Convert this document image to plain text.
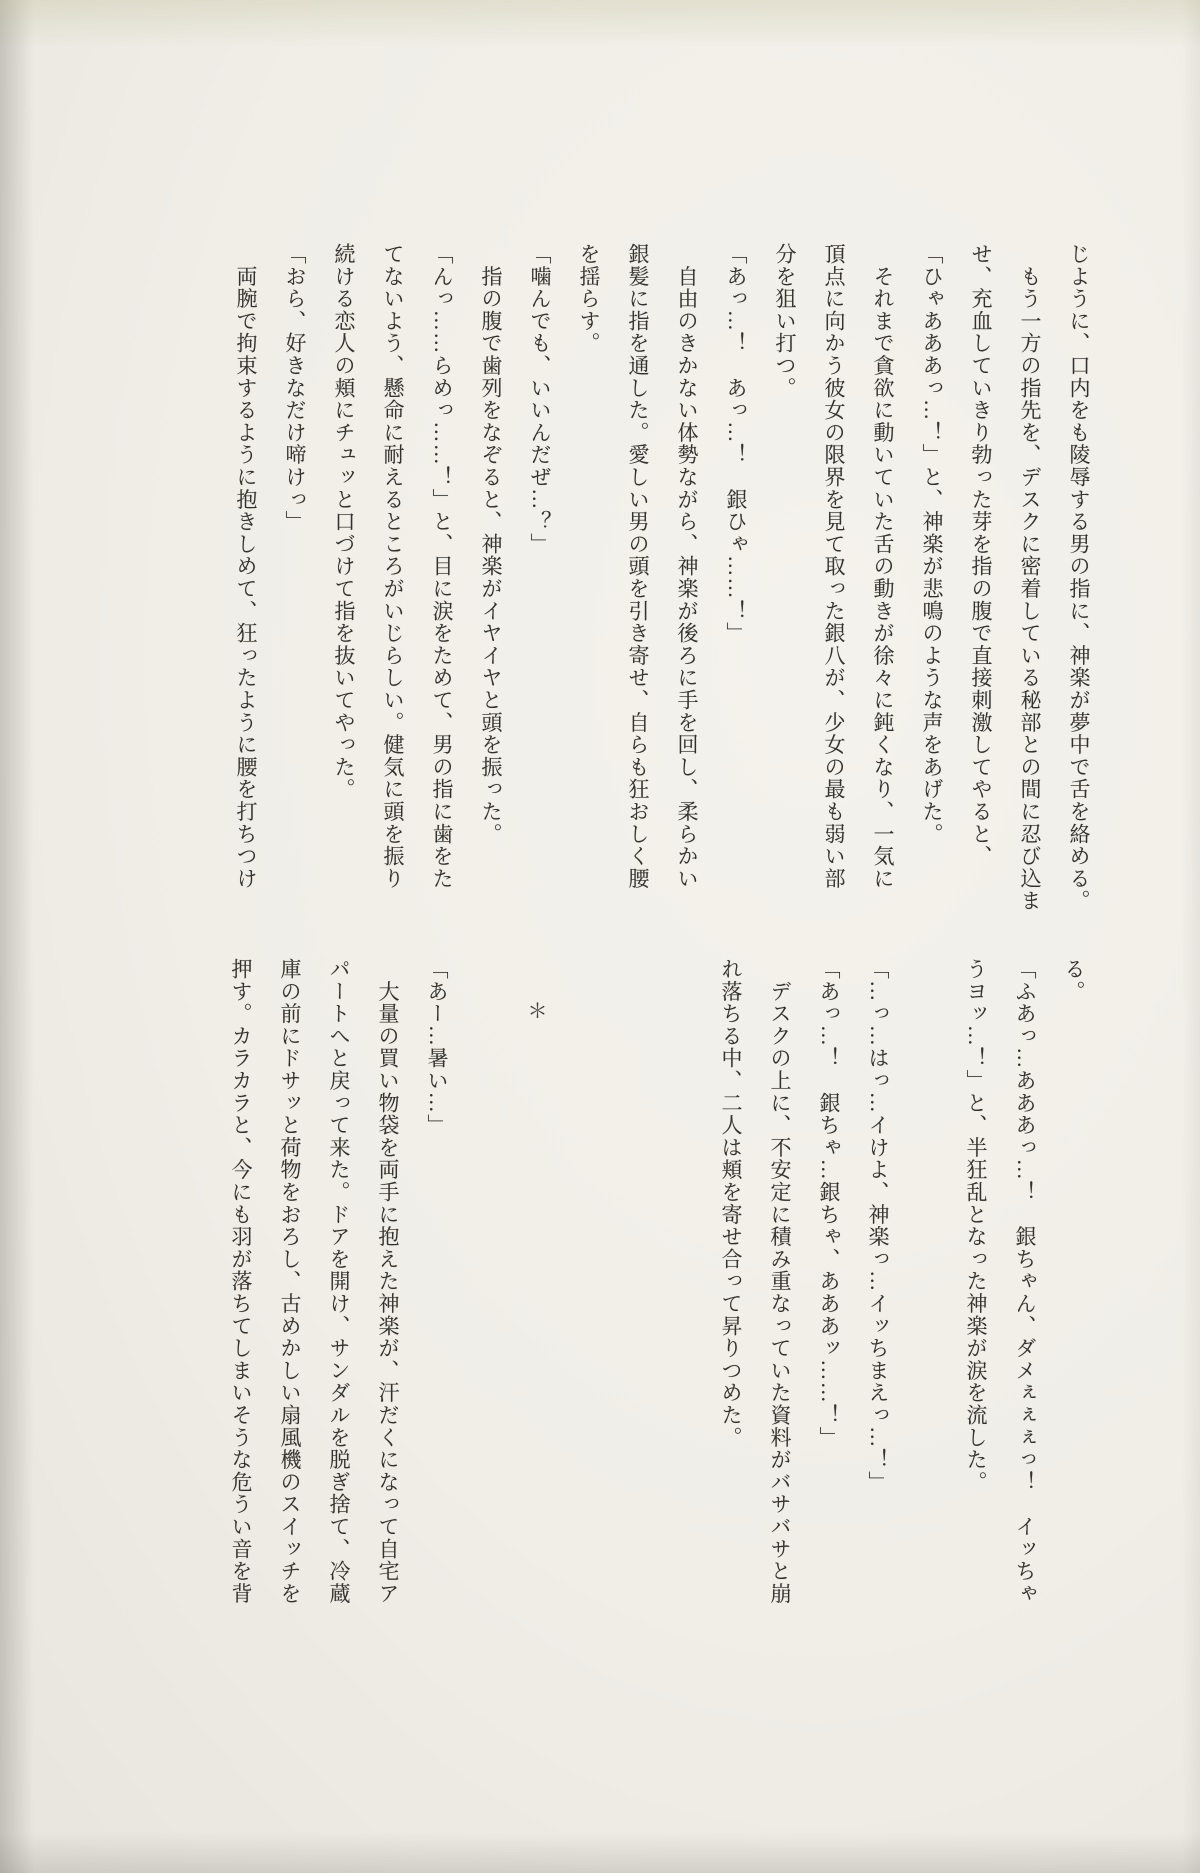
じように、口内をも陵辱する男の指に、神楽が夢中で舌を絡める。
　もう一方の指先を、デスクに密着している秘部との間に忍び込ま
せ、充血していきり勃った芽を指の腹で直接刺激してやると、
「ひゃあああっ…！」と、神楽が悲鳴のような声をあげた。
　それまで貪欲に動いていた舌の動きが徐々に鈍くなり、一気に
頂点に向かう彼女の限界を見て取った銀八が、少女の最も弱い部
分を狙い打つ。
「あっ…！　あっ…！　銀ひゃ……！」
　自由のきかない体勢ながら、神楽が後ろに手を回し、柔らかい
銀髪に指を通した。愛しい男の頭を引き寄せ、自らも狂おしく腰
を揺らす。
「噛んでも、いいんだぜ…？」
　指の腹で歯列をなぞると、神楽がイヤイヤと頭を振った。
「んっ……らめっ……！」と、目に涙をためて、男の指に歯をた
てないよう、懸命に耐えるところがいじらしい。健気に頭を振り
続ける恋人の頬にチュッと口づけて指を抜いてやった。
「おら、好きなだけ啼けっ」
　両腕で拘束するように抱きしめて、狂ったように腰を打ちつけ
る。
「ふあっ…あああっ…！　銀ちゃん、ダメぇぇぇっ！　イッちゃ
うヨッ…！」と、半狂乱となった神楽が涙を流した。
「…っ…はっ…イけよ、神楽っ…イッちまえっ…！」
「あっ…！　銀ちゃ…銀ちゃ、あああッ……！」
　デスクの上に、不安定に積み重なっていた資料がバサバサと崩
れ落ちる中、二人は頬を寄せ合って昇りつめた。
＊
「あー…暑い…」
　大量の買い物袋を両手に抱えた神楽が、汗だくになって自宅ア
パートへと戻って来た。ドアを開け、サンダルを脱ぎ捨て、冷蔵
庫の前にドサッと荷物をおろし、古めかしい扇風機のスイッチを
押す。カラカラと、今にも羽が落ちてしまいそうな危うい音を背
